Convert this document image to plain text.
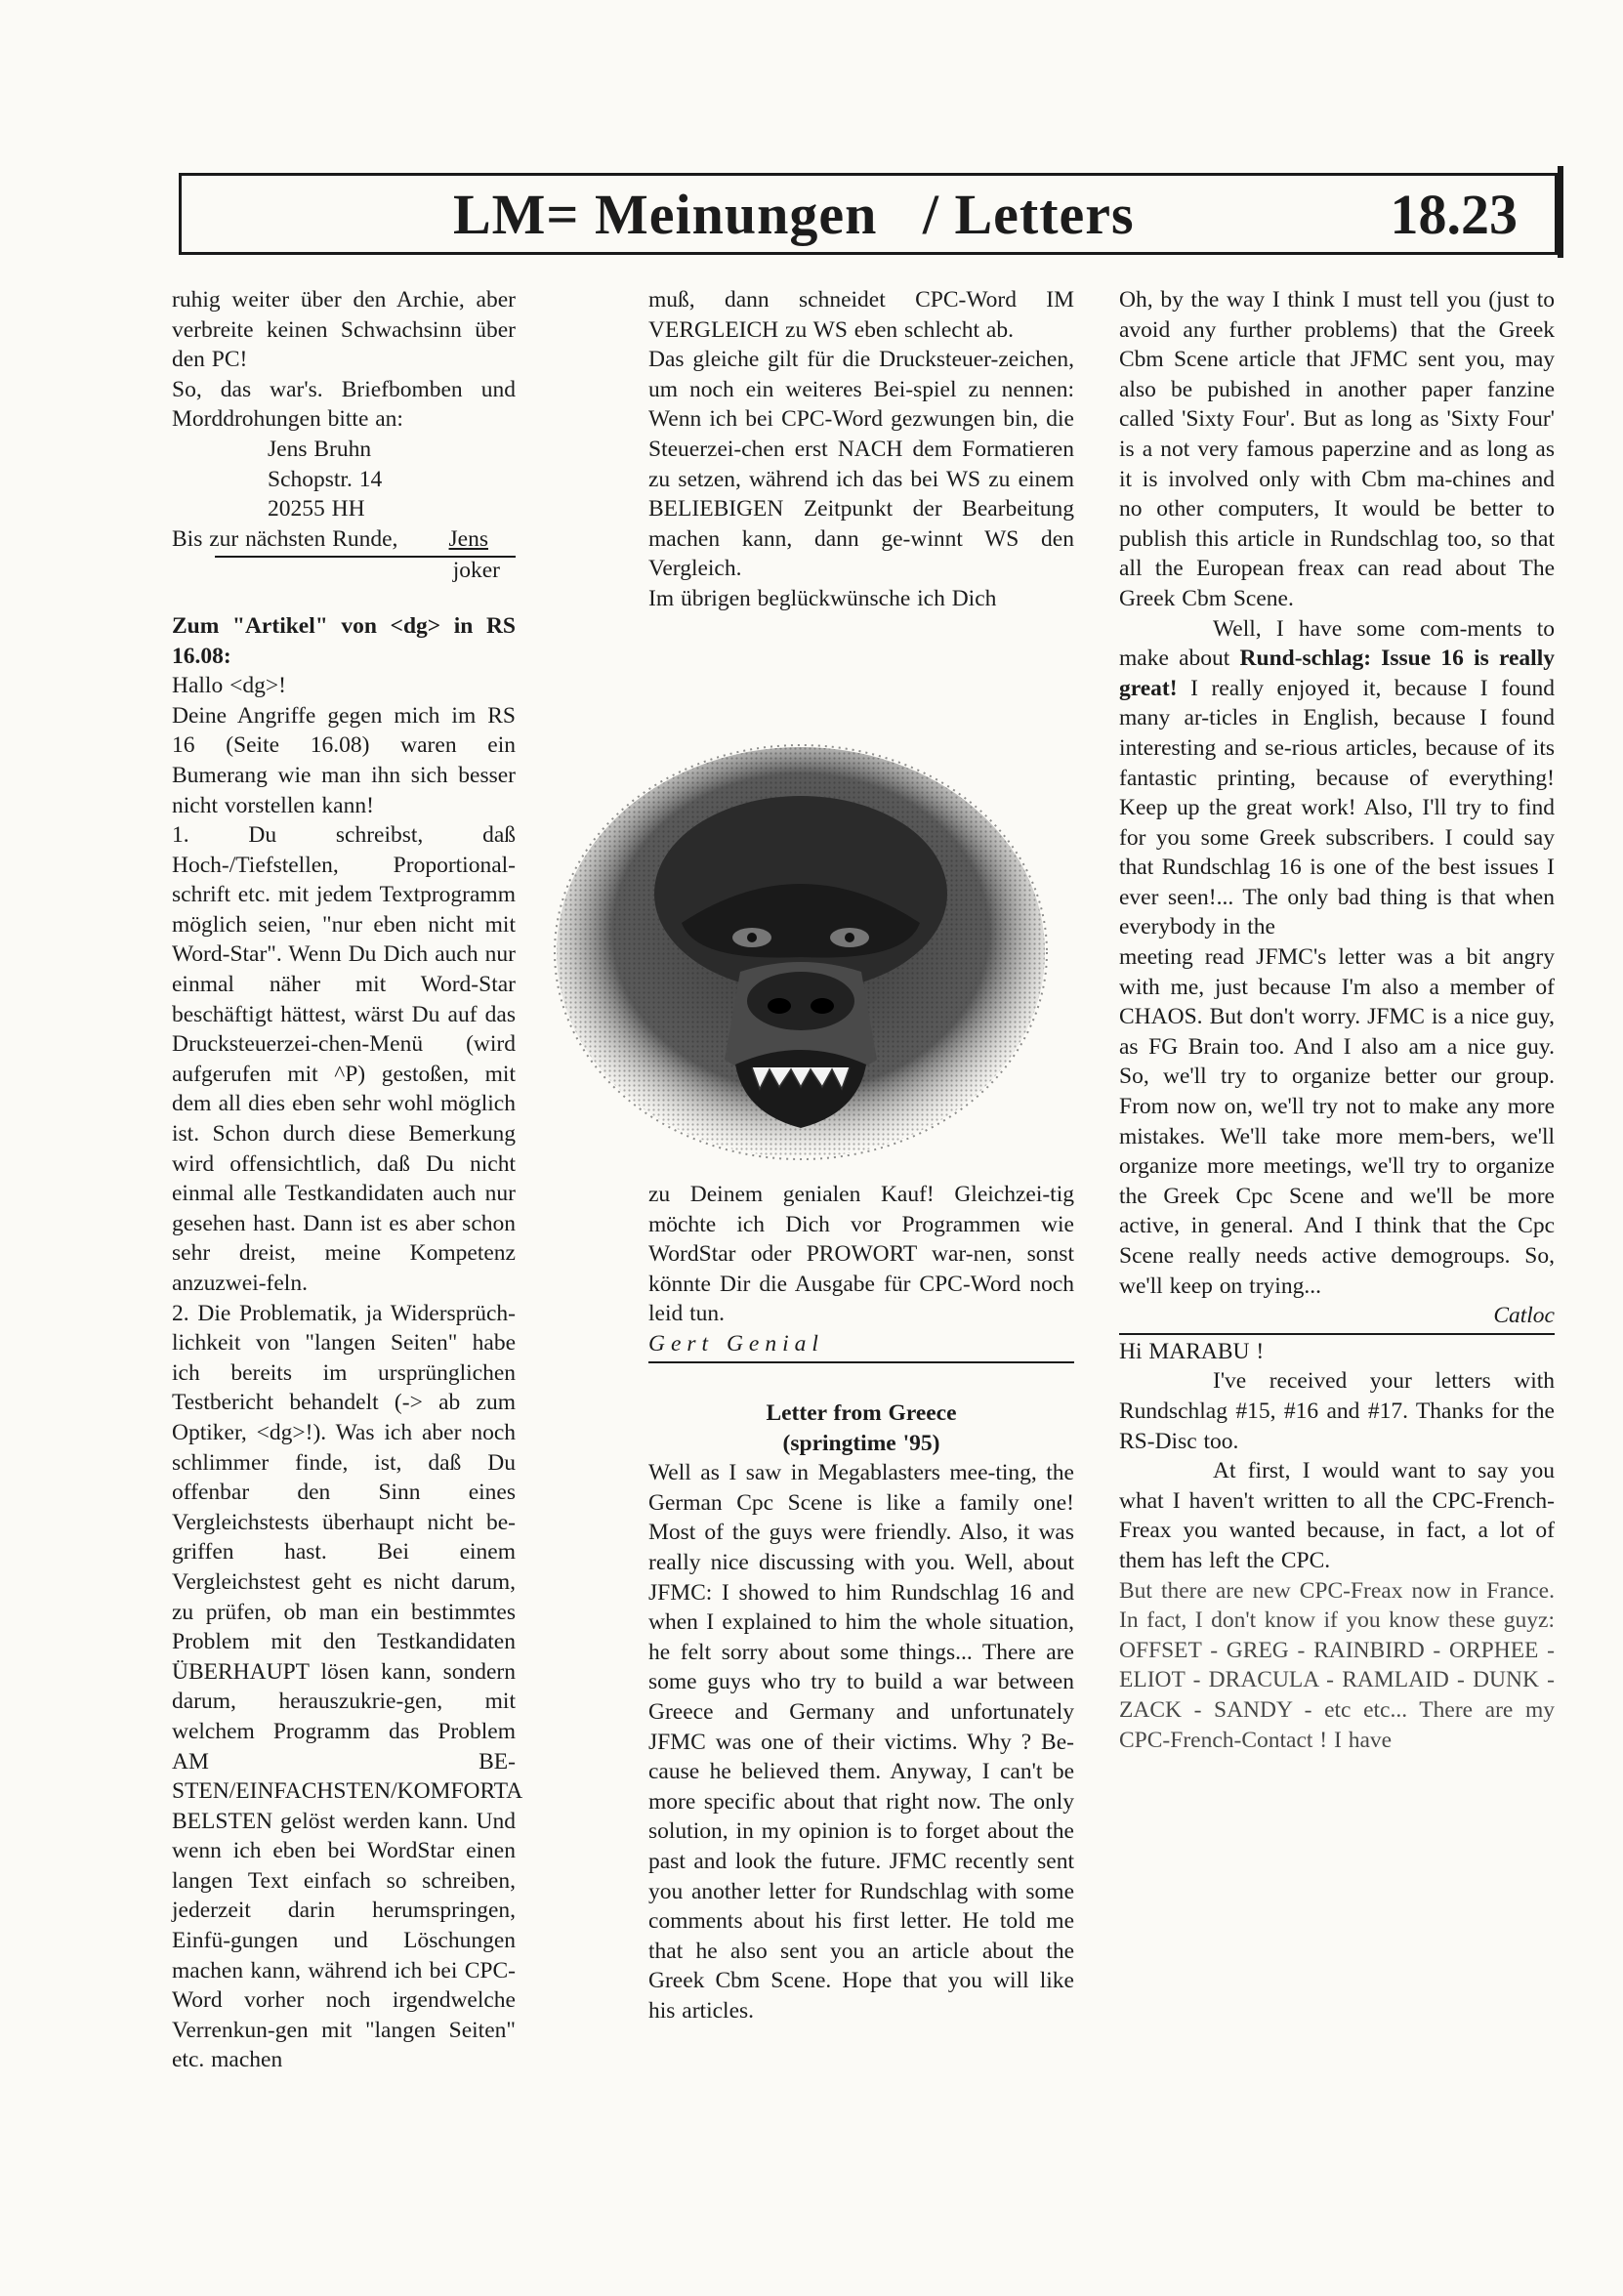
LM= Meinungen   / Letters	18.23

ruhig weiter über den Archie, aber verbreite keinen Schwachsinn über den PC!

So, das war's. Briefbomben und Morddrohungen bitte an:

Jens Bruhn

Schopstr. 14

20255 HH

Bis zur nächsten Runde, Jens

joker

Zum "Artikel" von <dg> in RS 16.08:

Hallo <dg>!

Deine Angriffe gegen mich im RS 16 (Seite 16.08) waren ein Bumerang wie man ihn sich besser nicht vorstellen kann!

1. Du schreibst, daß Hoch-/Tiefstellen, Proportional-schrift etc. mit jedem Textprogramm möglich seien, "nur eben nicht mit Word-Star". Wenn Du Dich auch nur einmal näher mit Word-Star beschäftigt hättest, wärst Du auf das Drucksteuerzei-chen-Menü (wird aufgerufen mit ^P) gestoßen, mit dem all dies eben sehr wohl möglich ist. Schon durch diese Bemerkung wird offensichtlich, daß Du nicht einmal alle Testkandidaten auch nur gesehen hast. Dann ist es aber schon sehr dreist, meine Kompetenz anzuzwei-feln.

2. Die Problematik, ja Widersprüch-lichkeit von "langen Seiten" habe ich bereits im ursprünglichen Testbericht behandelt (-> ab zum Optiker, <dg>!). Was ich aber noch schlimmer finde, ist, daß Du offenbar den Sinn eines Vergleichstests überhaupt nicht be-griffen hast. Bei einem Vergleichstest geht es nicht darum, zu prüfen, ob man ein bestimmtes Problem mit den Testkandidaten ÜBERHAUPT lösen kann, sondern darum, herauszukrie-gen, mit welchem Programm das Problem AM BE-STEN/EINFACHSTEN/KOMFORTA BELSTEN gelöst werden kann. Und wenn ich eben bei WordStar einen langen Text einfach so schreiben, jederzeit darin herumspringen, Einfü-gungen und Löschungen machen kann, während ich bei CPC-Word vorher noch irgendwelche Verrenkun-gen mit "langen Seiten" etc. machen

muß, dann schneidet CPC-Word IM VERGLEICH zu WS eben schlecht ab.

Das gleiche gilt für die Drucksteuer-zeichen, um noch ein weiteres Bei-spiel zu nennen: Wenn ich bei CPC-Word gezwungen bin, die Steuerzei-chen erst NACH dem Formatieren zu setzen, während ich das bei WS zu einem BELIEBIGEN Zeitpunkt der Bearbeitung machen kann, dann ge-winnt WS den Vergleich.

Im übrigen beglückwünsche ich Dich

zu Deinem genialen Kauf! Gleichzei-tig möchte ich Dich vor Programmen wie WordStar oder PROWORT war-nen, sonst könnte Dir die Ausgabe für CPC-Word noch leid tun.

Gert Genial

Letter from Greece

(springtime '95)

Well as I saw in Megablasters mee-ting, the German Cpc Scene is like a family one! Most of the guys were friendly. Also, it was really nice discussing with you. Well, about JFMC: I showed to him Rundschlag 16 and when I explained to him the whole situation, he felt sorry about some things... There are some guys who try to build a war between Greece and Germany and unfortunately JFMC was one of their victims. Why ? Be-cause he believed them. Anyway, I can't be more specific about that right now. The only solution, in my opinion is to forget about the past and look the future. JFMC recently sent you another letter for Rundschlag with some comments about his first letter. He told me that he also sent you an article about the Greek Cbm Scene. Hope that you will like his articles.

Oh, by the way I think I must tell you (just to avoid any further problems) that the Greek Cbm Scene article that JFMC sent you, may also be pubished in another paper fanzine called 'Sixty Four'. But as long as 'Sixty Four' is a not very famous paperzine and as long as it is involved only with Cbm ma-chines and no other computers, It would be better to publish this article in Rundschlag too, so that all the European freax can read about The Greek Cbm Scene.

Well, I have some com-ments to make about Rund-schlag: Issue 16 is really great! I really enjoyed it, because I found many ar-ticles in English, because I found interesting and se-rious articles, because of its fantastic printing, because of everything! Keep up the great work! Also, I'll try to find for you some Greek subscribers. I could say that Rundschlag 16 is one of the best issues I ever seen!... The only bad thing is that when everybody in the

meeting read JFMC's letter was a bit angry with me, just because I'm also a member of CHAOS. But don't worry. JFMC is a nice guy, as FG Brain too. And I also am a nice guy. So, we'll try to organize better our group. From now on, we'll try not to make any more mistakes. We'll take more mem-bers, we'll organize more meetings, we'll try to organize the Greek Cpc Scene and we'll be more active, in general. And I think that the Cpc Scene really needs active demogroups. So, we'll keep on trying...

Catloc

Hi MARABU !

I've received your letters with Rundschlag #15, #16 and #17. Thanks for the RS-Disc too.

At first, I would want to say you what I haven't written to all the CPC-French-Freax you wanted because, in fact, a lot of them has left the CPC.

But there are new CPC-Freax now in France. In fact, I don't know if you know these guyz: OFFSET - GREG - RAINBIRD - ORPHEE - ELIOT - DRACULA - RAMLAID - DUNK - ZACK - SANDY - etc etc... There are my CPC-French-Contact ! I have
